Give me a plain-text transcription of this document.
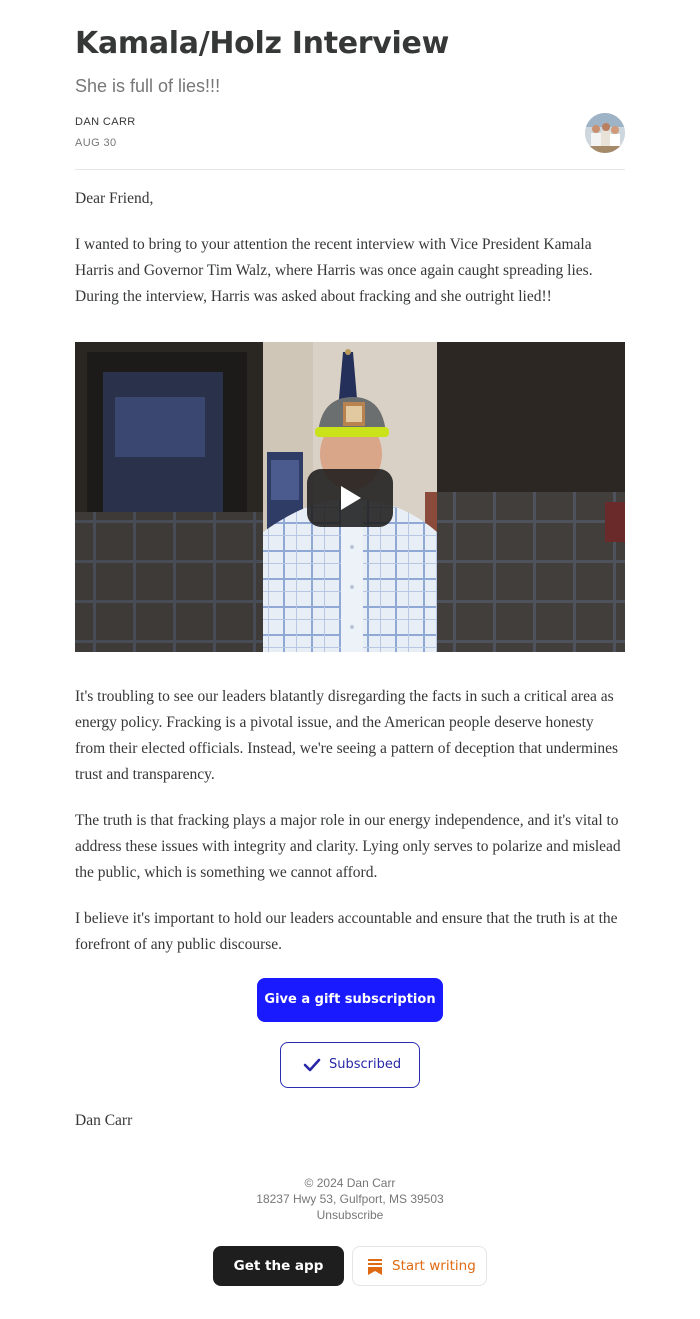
Kamala/Holz Interview

She is full of lies!!!

DAN CARR
AUG 30

Dear Friend,

I wanted to bring to your attention the recent interview with Vice President Kamala Harris and Governor Tim Walz, where Harris was once again caught spreading lies. During the interview, Harris was asked about fracking and she outright lied!!

It's troubling to see our leaders blatantly disregarding the facts in such a critical area as energy policy. Fracking is a pivotal issue, and the American people deserve honesty from their elected officials. Instead, we're seeing a pattern of deception that undermines trust and transparency.

The truth is that fracking plays a major role in our energy independence, and it's vital to address these issues with integrity and clarity. Lying only serves to polarize and mislead the public, which is something we cannot afford.

I believe it's important to hold our leaders accountable and ensure that the truth is at the forefront of any public discourse.

Give a gift subscription
Subscribed

Dan Carr

© 2024 Dan Carr
18237 Hwy 53, Gulfport, MS 39503
Unsubscribe
Get the app	Start writing
